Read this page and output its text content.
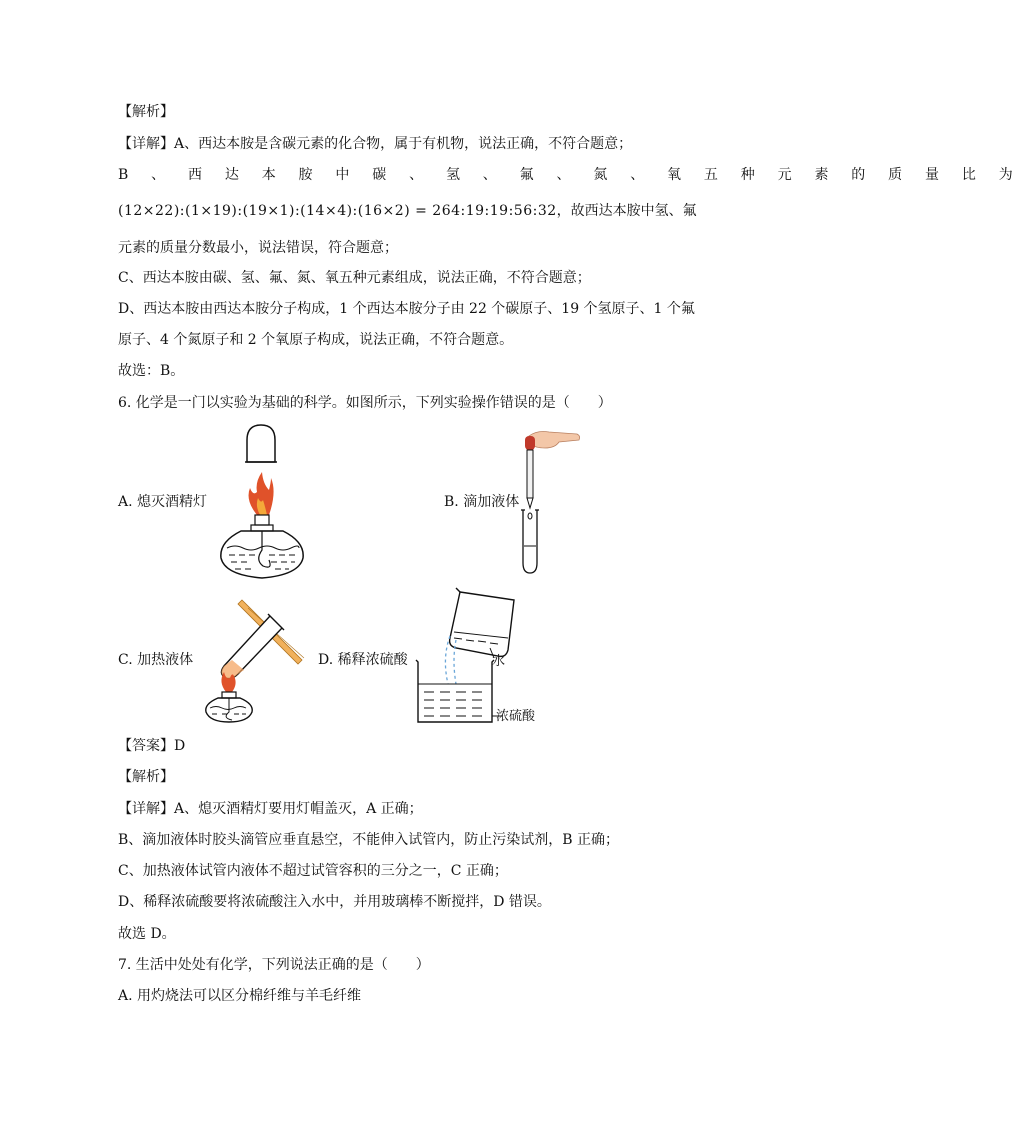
【解析】
【详解】A、西达本胺是含碳元素的化合物，属于有机物，说法正确，不符合题意；
B 、 西 达 本 胺 中 碳 、 氢 、 氟 、 氮 、 氧 五 种 元 素 的 质 量 比 为
(12×22):(1×19):(19×1):(14×4):(16×2) = 264:19:19:56:32，故西达本胺中氢、氟
元素的质量分数最小，说法错误，符合题意；
C、西达本胺由碳、氢、氟、氮、氧五种元素组成，说法正确，不符合题意；
D、西达本胺由西达本胺分子构成，1 个西达本胺分子由 22 个碳原子、19 个氢原子、1 个氟
原子、4 个氮原子和 2 个氧原子构成，说法正确，不符合题意。
故选：B。
6. 化学是一门以实验为基础的科学。如图所示，下列实验操作错误的是（　　）
A. 熄灭酒精灯	B. 滴加液体
C. 加热液体	D. 稀释浓硫酸	水
浓硫酸
【答案】D
【解析】
【详解】A、熄灭酒精灯要用灯帽盖灭，A 正确；
B、滴加液体时胶头滴管应垂直悬空，不能伸入试管内，防止污染试剂，B 正确；
C、加热液体试管内液体不超过试管容积的三分之一，C 正确；
D、稀释浓硫酸要将浓硫酸注入水中，并用玻璃棒不断搅拌，D 错误。
故选 D。
7. 生活中处处有化学，下列说法正确的是（　　）
A. 用灼烧法可以区分棉纤维与羊毛纤维
